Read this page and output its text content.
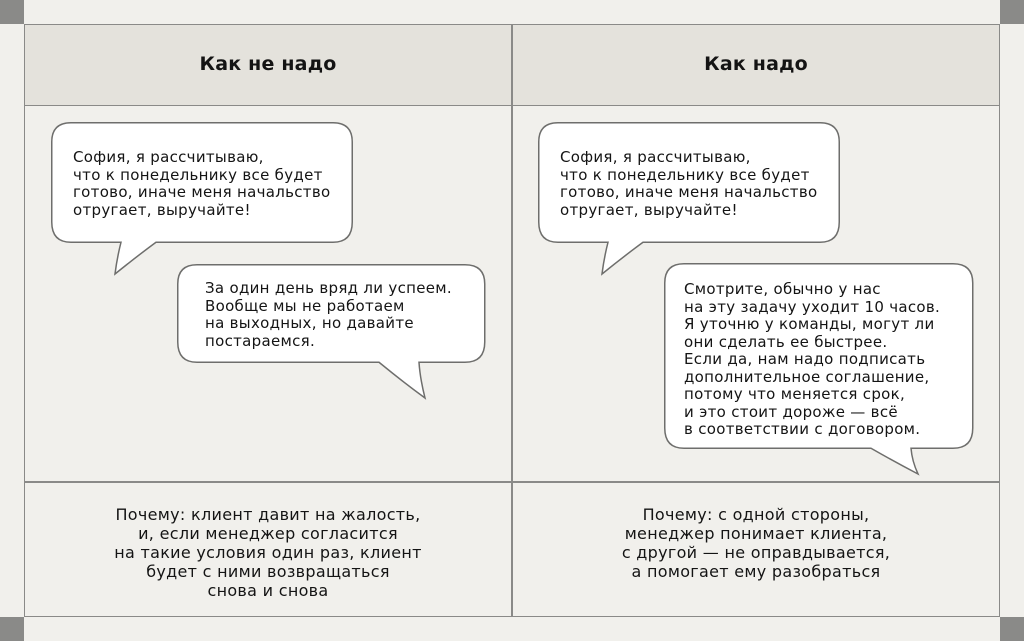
Как не надо	Как надо
София, я рассчитываю,
что к понедельнику все будет
готово, иначе меня начальство
отругает, выручайте!
За один день вряд ли успеем.
Вообще мы не работаем
на выходных, но давайте
постараемся.
София, я рассчитываю,
что к понедельнику все будет
готово, иначе меня начальство
отругает, выручайте!
Смотрите, обычно у нас
на эту задачу уходит 10 часов.
Я уточню у команды, могут ли
они сделать ее быстрее.
Если да, нам надо подписать
дополнительное соглашение,
потому что меняется срок,
и это стоит дороже — всё
в соответствии с договором.
Почему: клиент давит на жалость,
и, если менеджер согласится
на такие условия один раз, клиент
будет с ними возвращаться
снова и снова
Почему: с одной стороны,
менеджер понимает клиента,
с другой — не оправдывается,
а помогает ему разобраться
